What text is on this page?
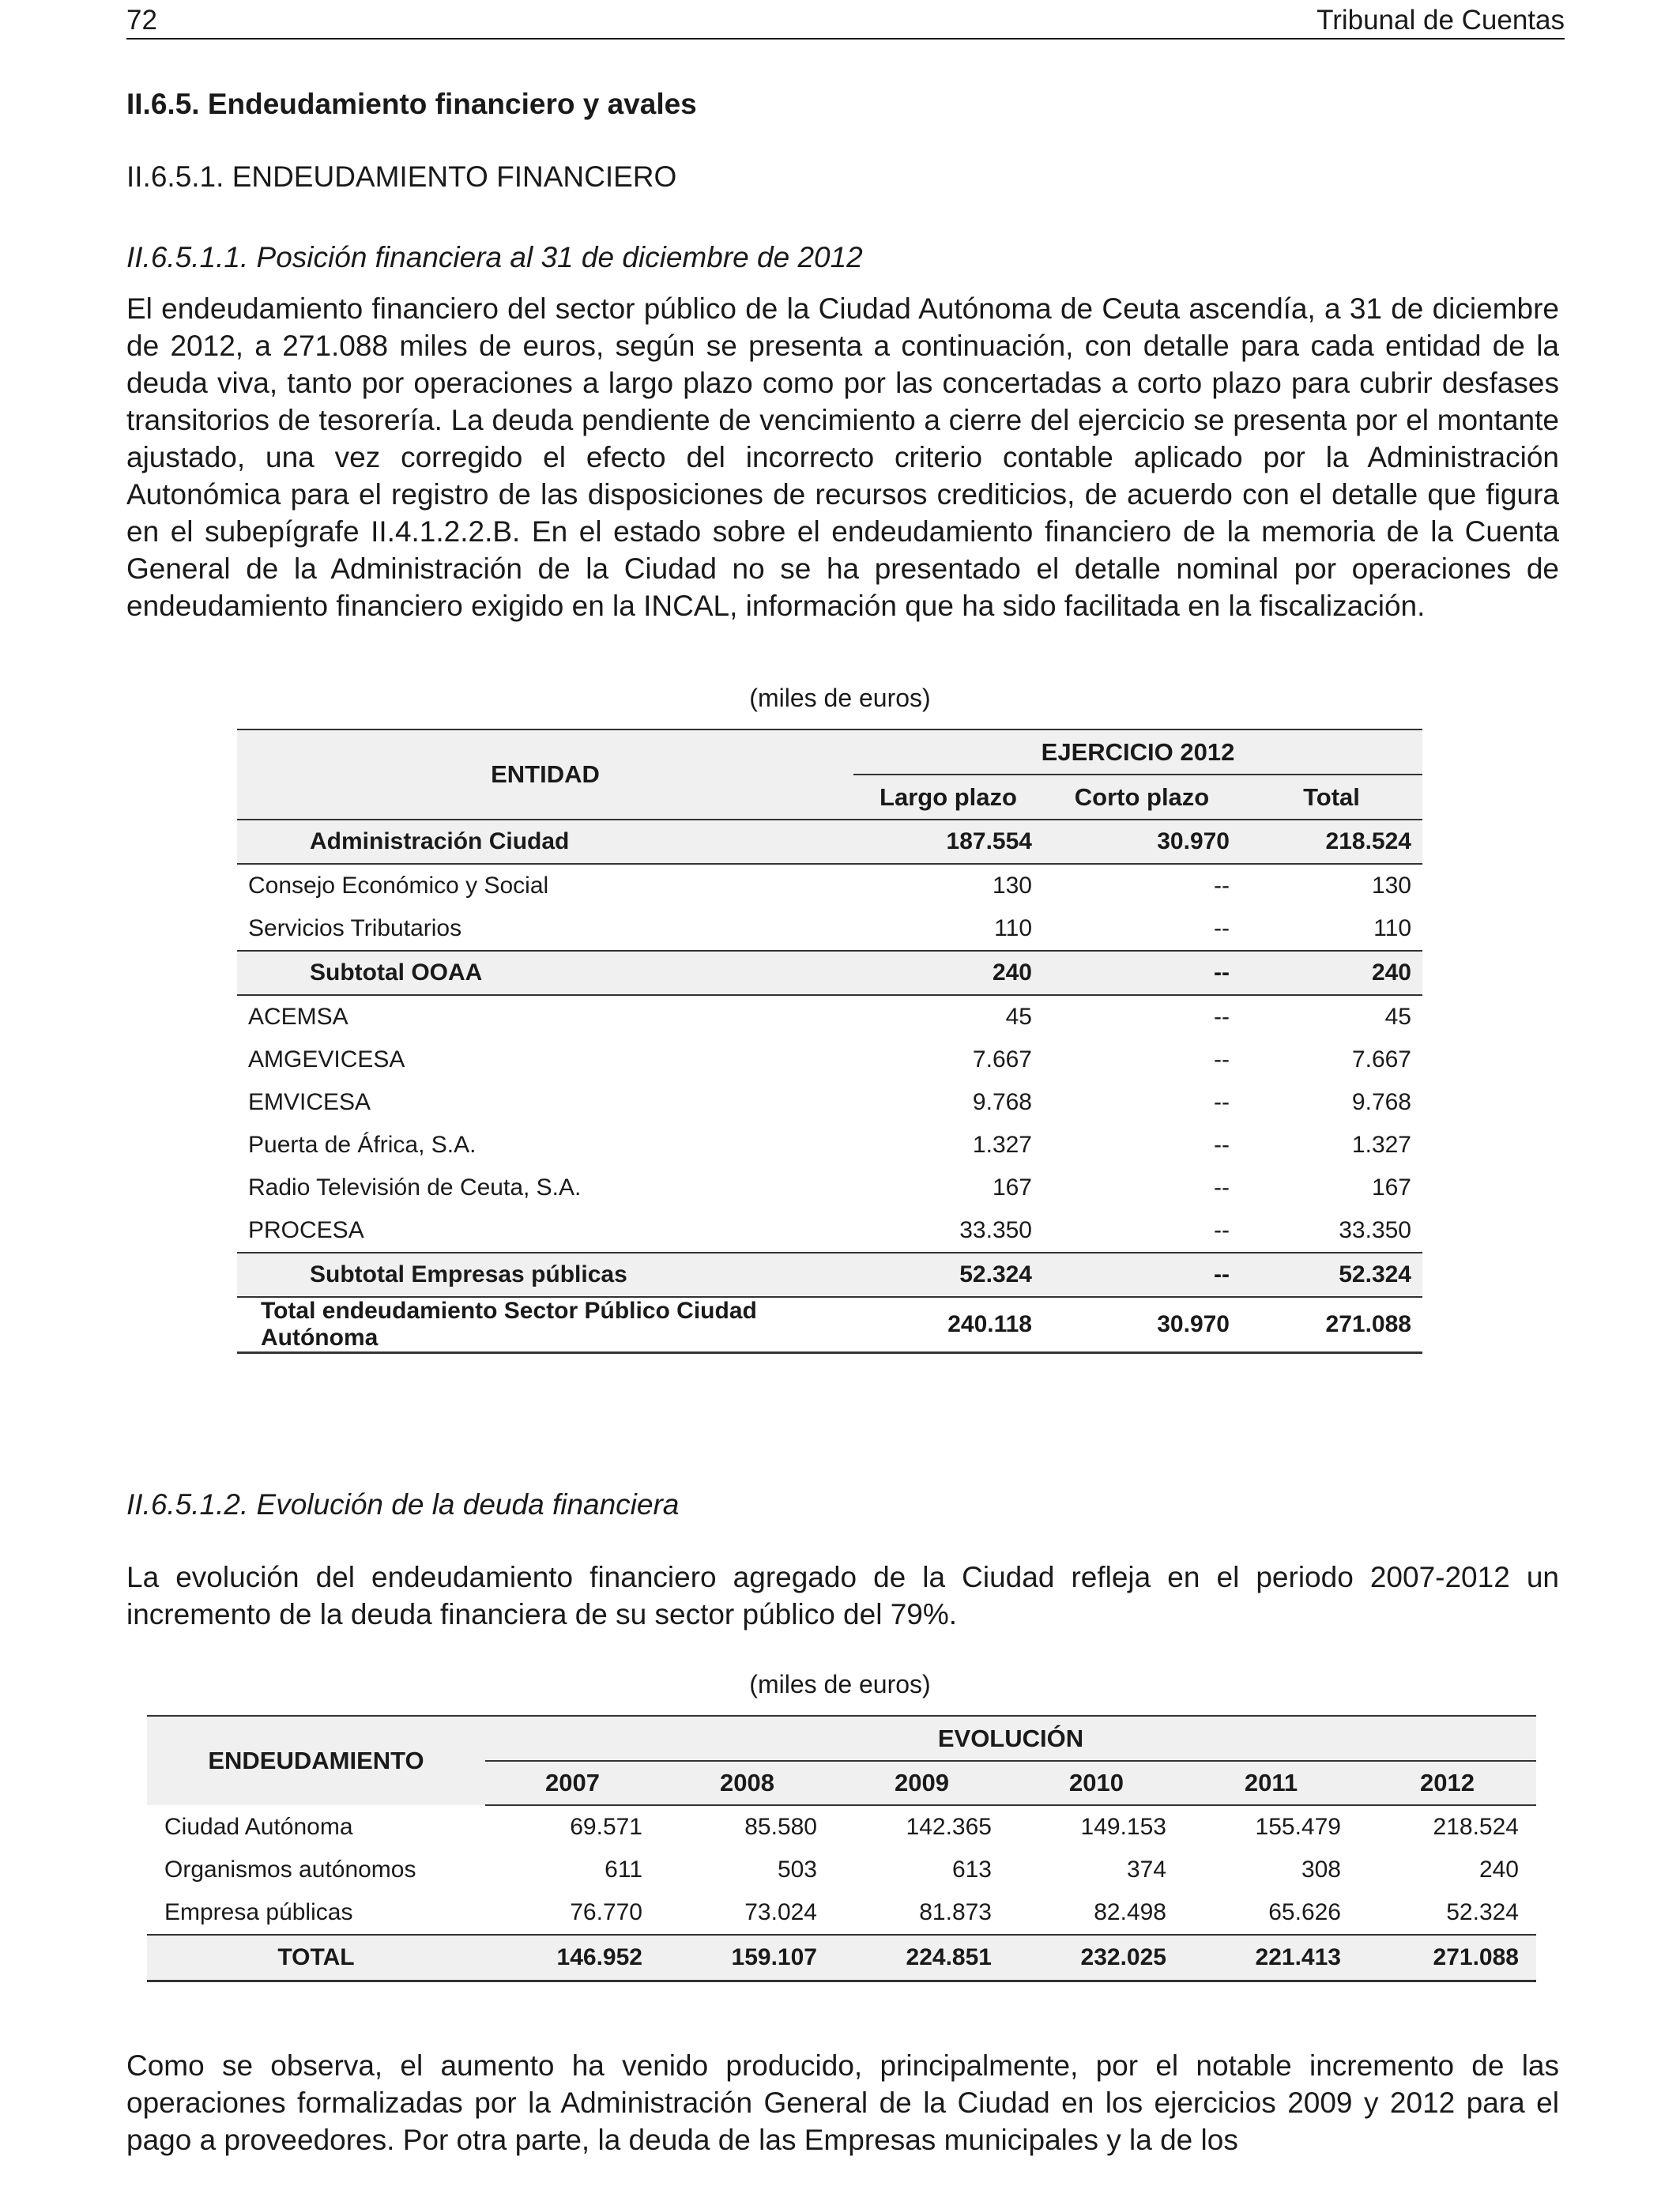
72	Tribunal de Cuentas
II.6.5. Endeudamiento financiero y avales
II.6.5.1. ENDEUDAMIENTO FINANCIERO
II.6.5.1.1. Posición financiera al 31 de diciembre de 2012
El endeudamiento financiero del sector público de la Ciudad Autónoma de Ceuta ascendía, a 31 de diciembre de 2012, a 271.088 miles de euros, según se presenta a continuación, con detalle para cada entidad de la deuda viva, tanto por operaciones a largo plazo como por las concertadas a corto plazo para cubrir desfases transitorios de tesorería. La deuda pendiente de vencimiento a cierre del ejercicio se presenta por el montante ajustado, una vez corregido el efecto del incorrecto criterio contable aplicado por la Administración Autonómica para el registro de las disposiciones de recursos crediticios, de acuerdo con el detalle que figura en el subepígrafe II.4.1.2.2.B. En el estado sobre el endeudamiento financiero de la memoria de la Cuenta General de la Administración de la Ciudad no se ha presentado el detalle nominal por operaciones de endeudamiento financiero exigido en la INCAL, información que ha sido facilitada en la fiscalización.
(miles de euros)
ENTIDAD	EJERCICIO 2012		
	Largo plazo	Corto plazo	Total
Administración Ciudad	187.554	30.970	218.524
Consejo Económico y Social	130	--	130
Servicios Tributarios	110	--	110
Subtotal OOAA	240	--	240
ACEMSA	45	--	45
AMGEVICESA	7.667	--	7.667
EMVICESA	9.768	--	9.768
Puerta de África, S.A.	1.327	--	1.327
Radio Televisión de Ceuta, S.A.	167	--	167
PROCESA	33.350	--	33.350
Subtotal Empresas públicas	52.324	--	52.324
Total endeudamiento Sector Público Ciudad Autónoma	240.118	30.970	271.088
II.6.5.1.2. Evolución de la deuda financiera
La evolución del endeudamiento financiero agregado de la Ciudad refleja en el periodo 2007-2012 un incremento de la deuda financiera de su sector público del 79%.
(miles de euros)
ENDEUDAMIENTO	EVOLUCIÓN					
	2007	2008	2009	2010	2011	2012
Ciudad Autónoma	69.571	85.580	142.365	149.153	155.479	218.524
Organismos autónomos	611	503	613	374	308	240
Empresa públicas	76.770	73.024	81.873	82.498	65.626	52.324
TOTAL	146.952	159.107	224.851	232.025	221.413	271.088
Como se observa, el aumento ha venido producido, principalmente, por el notable incremento de las operaciones formalizadas por la Administración General de la Ciudad en los ejercicios 2009 y 2012 para el pago a proveedores. Por otra parte, la deuda de las Empresas municipales y la de los
